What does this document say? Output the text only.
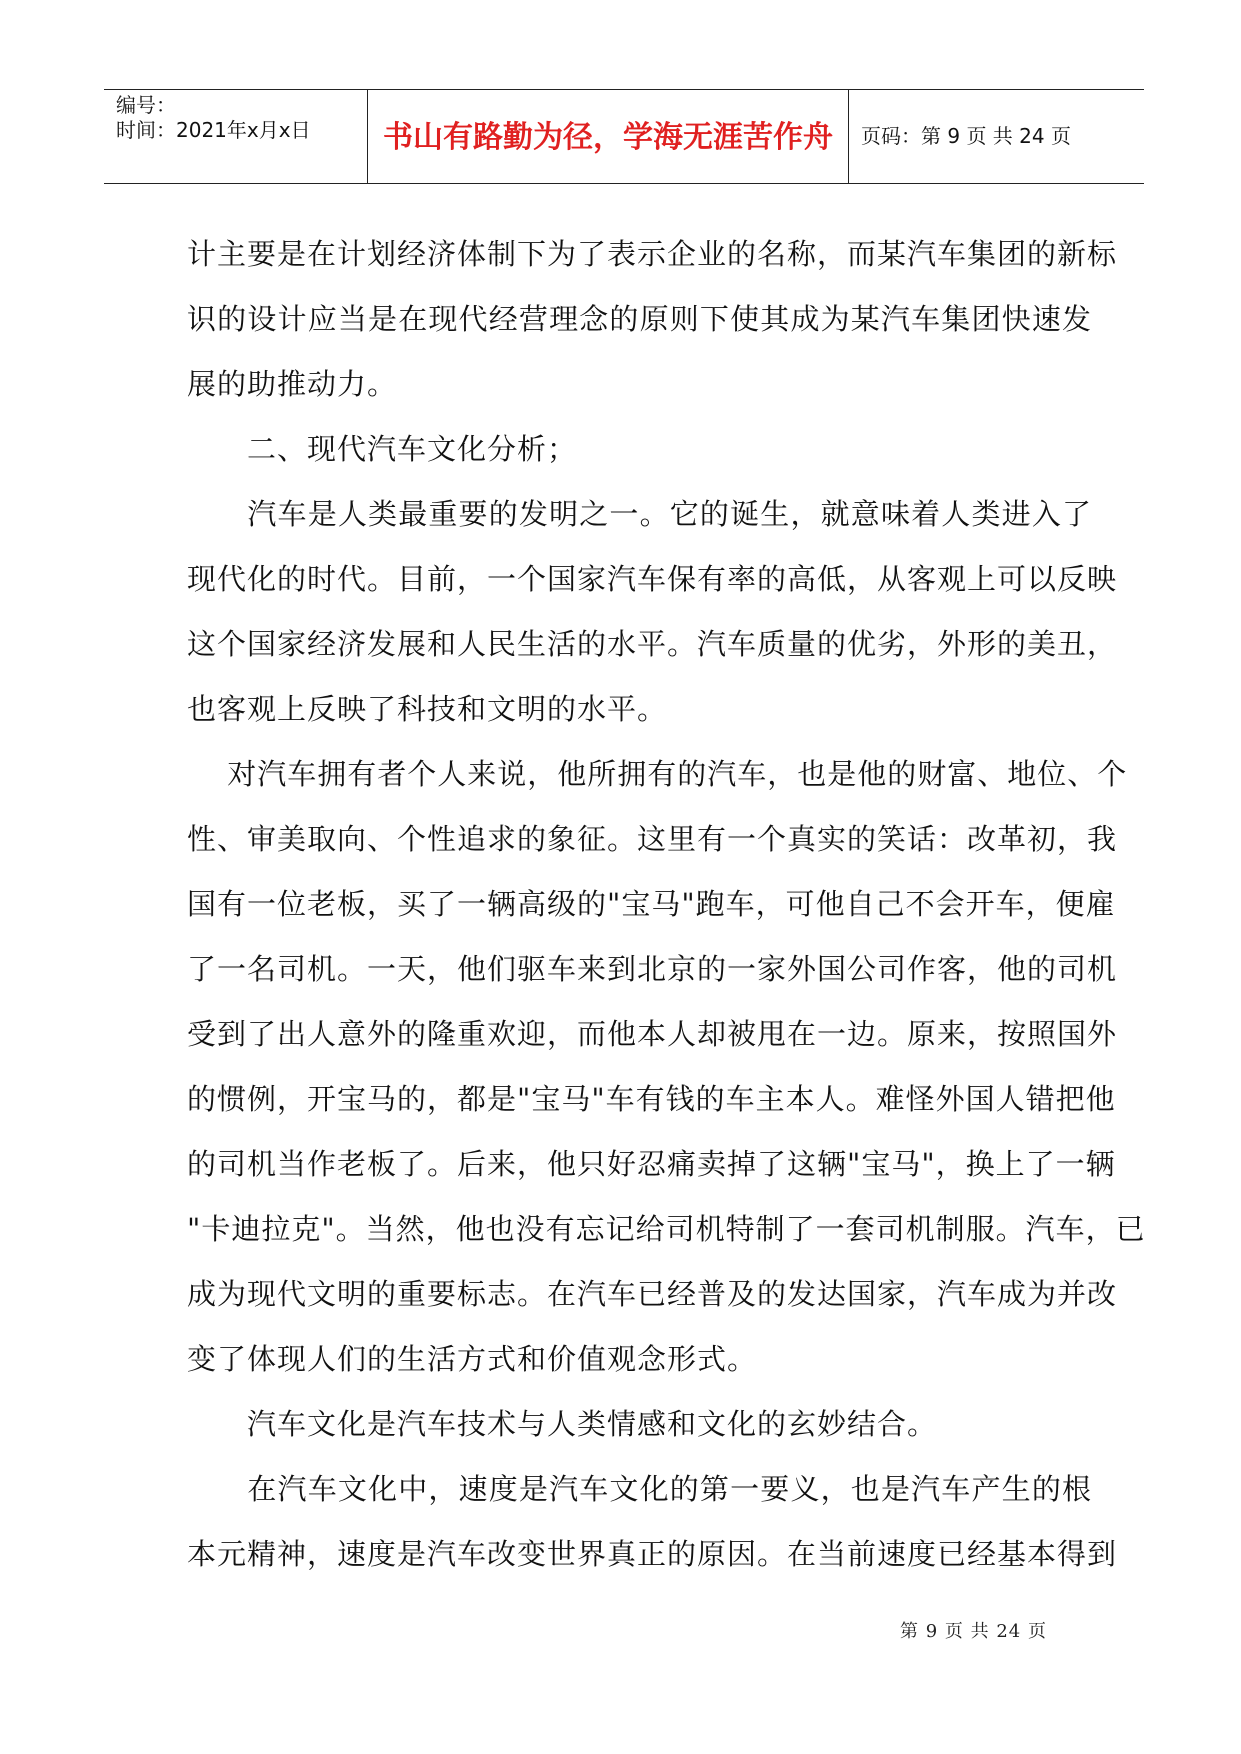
编号：
时间：2021年x月x日	书山有路勤为径，学海无涯苦作舟	页码：第 9 页 共 24 页
计主要是在计划经济体制下为了表示企业的名称，而某汽车集团的新标
识的设计应当是在现代经营理念的原则下使其成为某汽车集团快速发
展的助推动力。
　　二、现代汽车文化分析；
　　汽车是人类最重要的发明之一。它的诞生，就意味着人类进入了
现代化的时代。目前，一个国家汽车保有率的高低，从客观上可以反映
这个国家经济发展和人民生活的水平。汽车质量的优劣，外形的美丑，
也客观上反映了科技和文明的水平。
　 对汽车拥有者个人来说，他所拥有的汽车，也是他的财富、地位、个
性、审美取向、个性追求的象征。这里有一个真实的笑话：改革初，我
国有一位老板，买了一辆高级的"宝马"跑车，可他自己不会开车，便雇
了一名司机。一天，他们驱车来到北京的一家外国公司作客，他的司机
受到了出人意外的隆重欢迎，而他本人却被甩在一边。原来，按照国外
的惯例，开宝马的，都是"宝马"车有钱的车主本人。难怪外国人错把他
的司机当作老板了。后来，他只好忍痛卖掉了这辆"宝马"，换上了一辆
"卡迪拉克"。当然，他也没有忘记给司机特制了一套司机制服。汽车，已
成为现代文明的重要标志。在汽车已经普及的发达国家，汽车成为并改
变了体现人们的生活方式和价值观念形式。
　　汽车文化是汽车技术与人类情感和文化的玄妙结合。
　　在汽车文化中，速度是汽车文化的第一要义，也是汽车产生的根
本元精神，速度是汽车改变世界真正的原因。在当前速度已经基本得到
第 9 页 共 24 页
